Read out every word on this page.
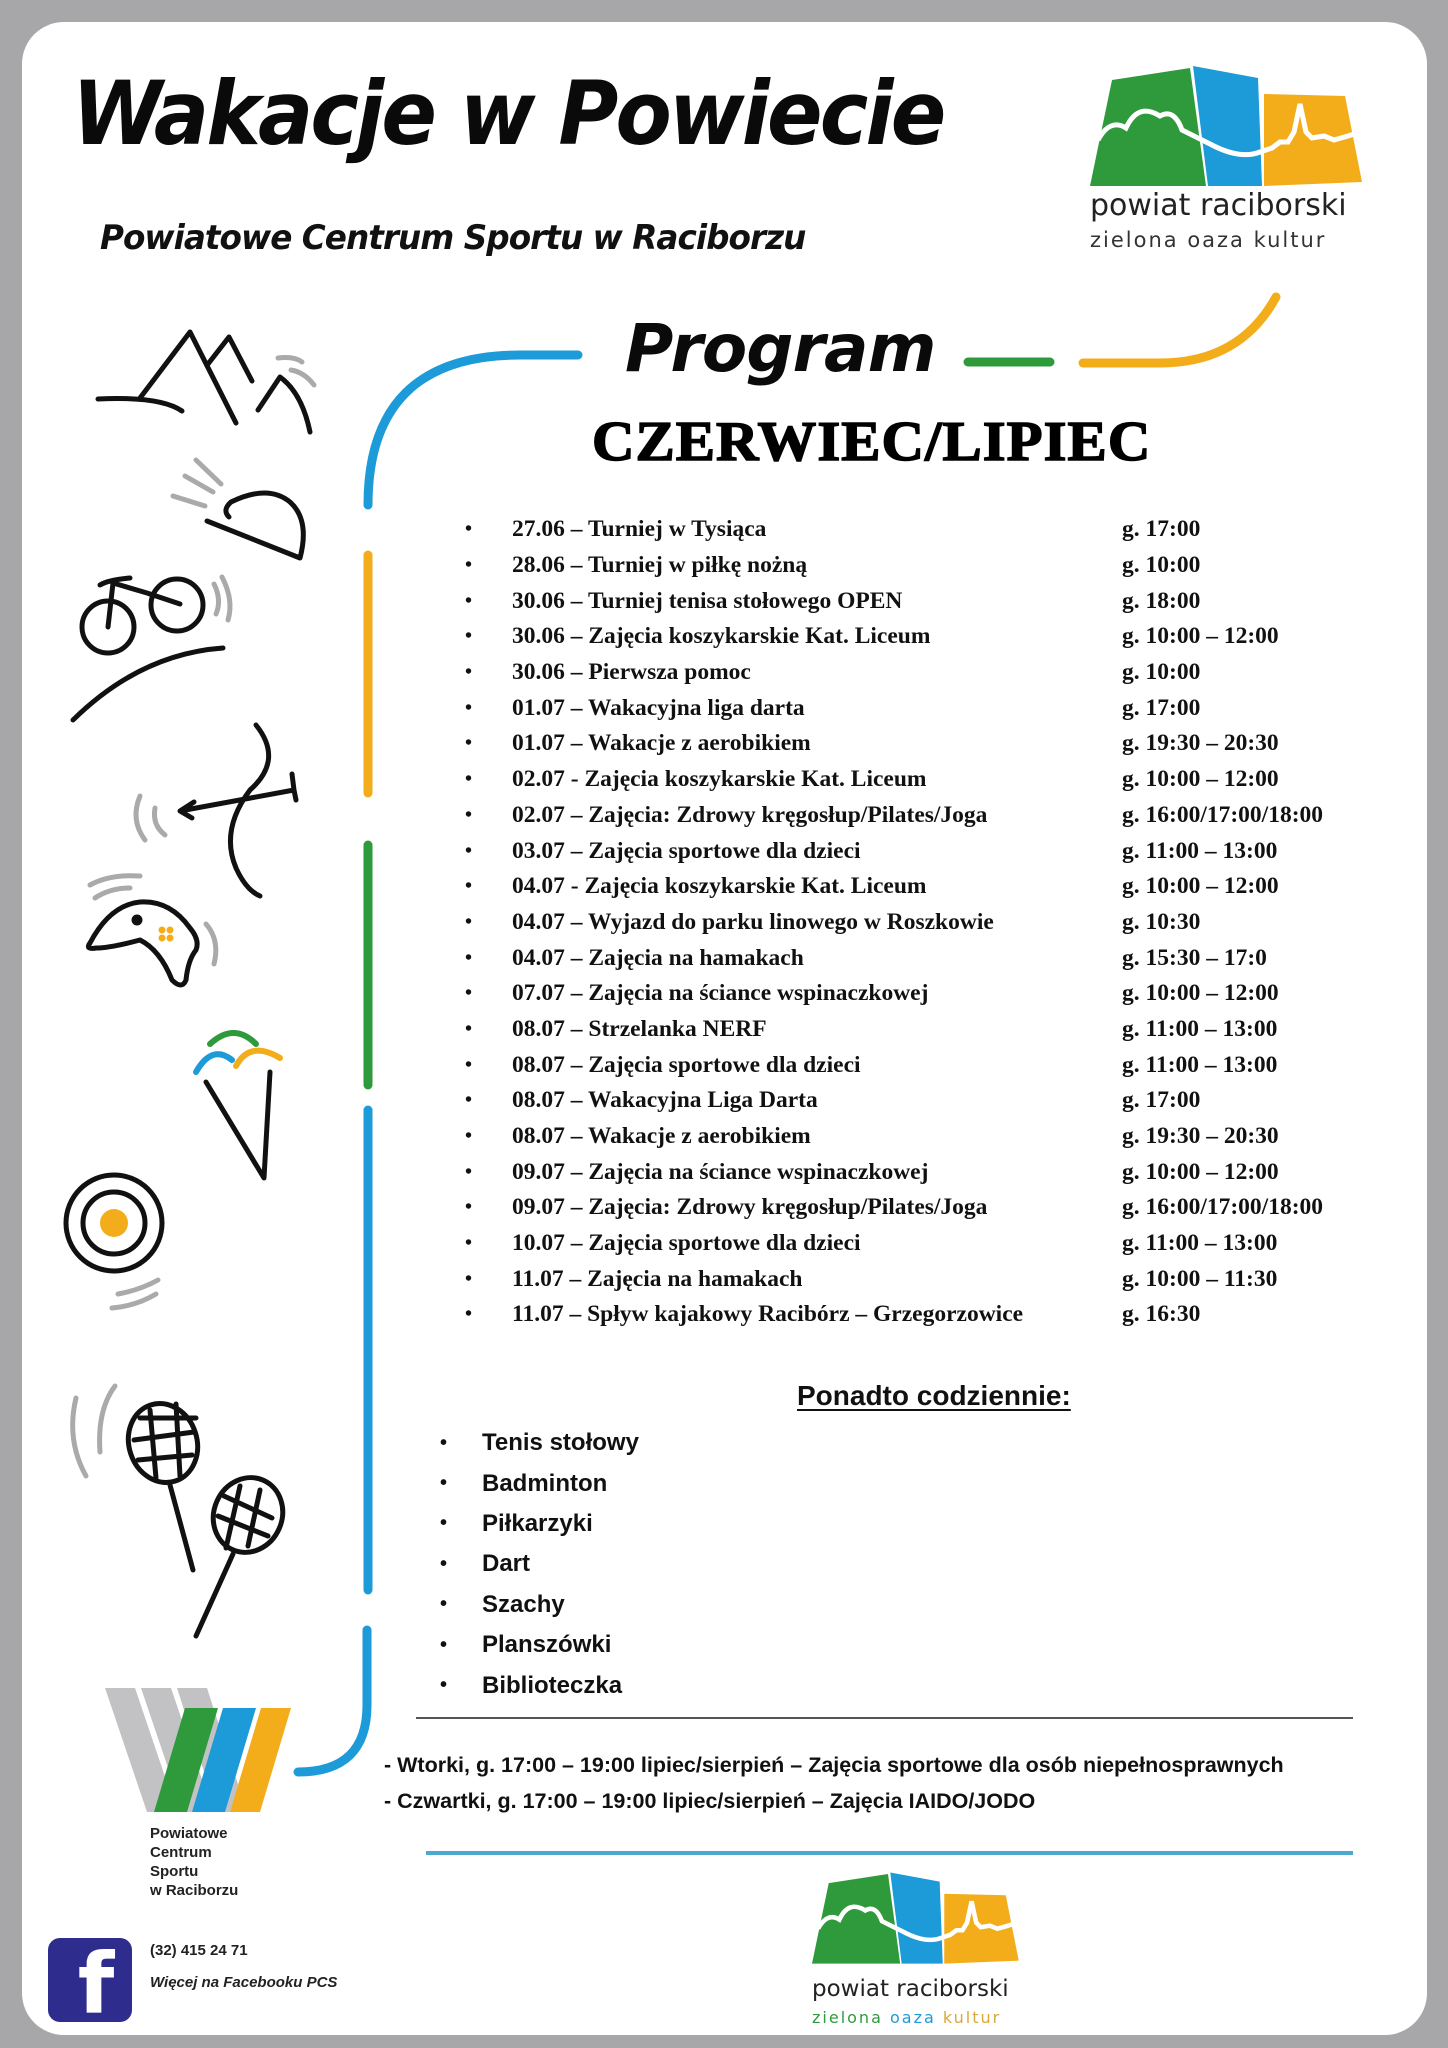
Wakacje w Powiecie
Powiatowe Centrum Sportu w Raciborzu
powiat raciborski
zielona oaza kultur
Program
CZERWIEC/LIPIEC
•	27.06 – Turniej w Tysiąca	g. 17:00
•	28.06 – Turniej w piłkę nożną	g. 10:00
•	30.06 – Turniej tenisa stołowego OPEN	g. 18:00
•	30.06 – Zajęcia koszykarskie Kat. Liceum	g. 10:00 – 12:00
•	30.06 – Pierwsza pomoc	g. 10:00
•	01.07 – Wakacyjna liga darta	g. 17:00
•	01.07 – Wakacje z aerobikiem	g. 19:30 – 20:30
•	02.07 - Zajęcia koszykarskie Kat. Liceum	g. 10:00 – 12:00
•	02.07 – Zajęcia: Zdrowy kręgosłup/Pilates/Joga	g. 16:00/17:00/18:00
•	03.07 – Zajęcia sportowe dla dzieci	g. 11:00 – 13:00
•	04.07 - Zajęcia koszykarskie Kat. Liceum	g. 10:00 – 12:00
•	04.07 – Wyjazd do parku linowego w Roszkowie	g. 10:30
•	04.07 – Zajęcia na hamakach	g. 15:30 – 17:0
•	07.07 – Zajęcia na ściance wspinaczkowej	g. 10:00 – 12:00
•	08.07 – Strzelanka NERF	g. 11:00 – 13:00
•	08.07 – Zajęcia sportowe dla dzieci	g. 11:00 – 13:00
•	08.07 – Wakacyjna Liga Darta	g. 17:00
•	08.07 – Wakacje z aerobikiem	g. 19:30 – 20:30
•	09.07 – Zajęcia na ściance wspinaczkowej	g. 10:00 – 12:00
•	09.07 – Zajęcia: Zdrowy kręgosłup/Pilates/Joga	g. 16:00/17:00/18:00
•	10.07 – Zajęcia sportowe dla dzieci	g. 11:00 – 13:00
•	11.07 – Zajęcia na hamakach	g. 10:00 – 11:30
•	11.07 – Spływ kajakowy Racibórz – Grzegorzowice	g. 16:30
Ponadto codziennie:
•	Tenis stołowy
•	Badminton
•	Piłkarzyki
•	Dart
•	Szachy
•	Planszówki
•	Biblioteczka
- Wtorki, g. 17:00 – 19:00 lipiec/sierpień – Zajęcia sportowe dla osób niepełnosprawnych
- Czwartki, g. 17:00 – 19:00 lipiec/sierpień – Zajęcia IAIDO/JODO
Powiatowe
Centrum
Sportu
w Raciborzu
f (32) 415 24 71
Więcej na Facebooku PCS	powiat raciborski
zielona oaza kultur
